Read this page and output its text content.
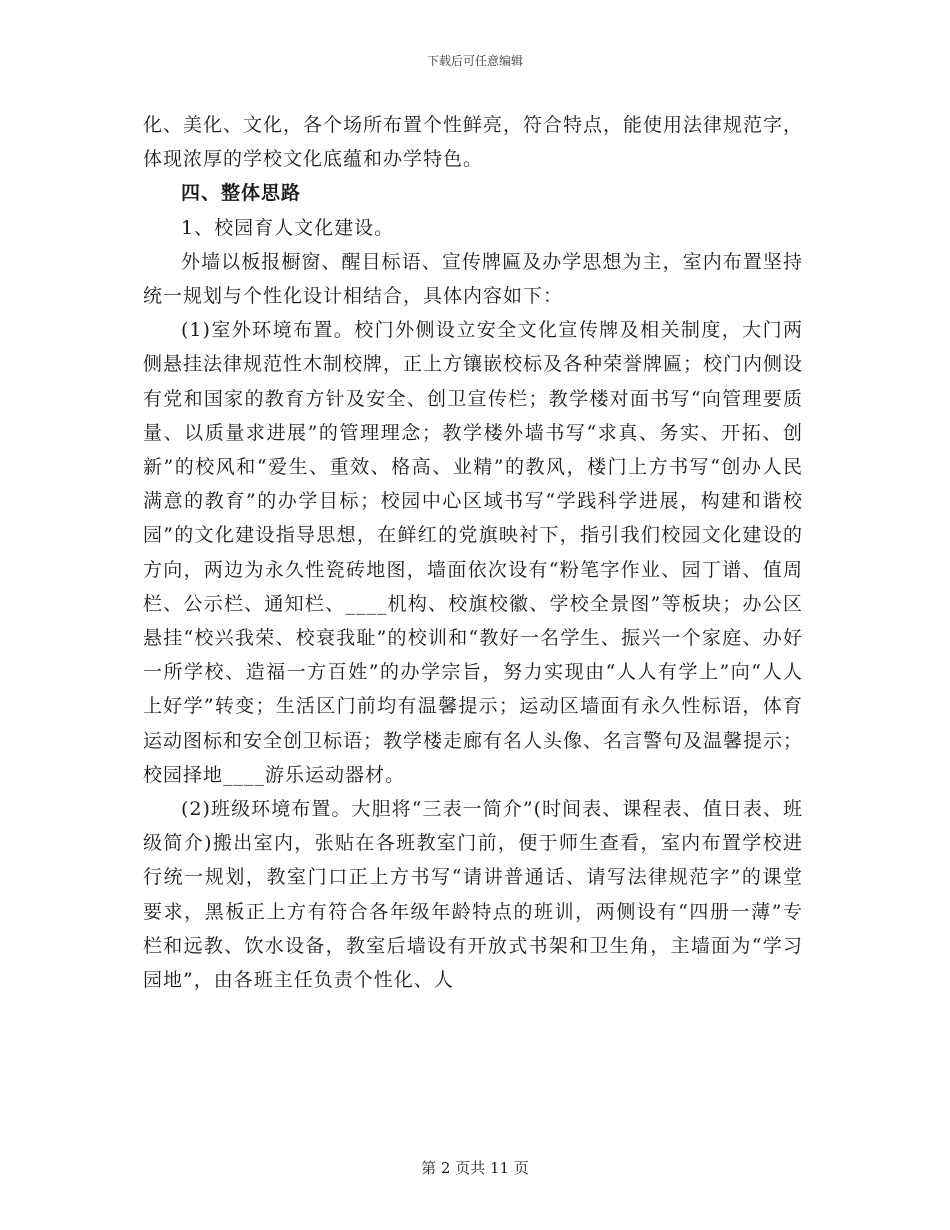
下载后可任意编辑

化、美化、文化，各个场所布置个性鲜亮，符合特点，能使用法律规范字，体现浓厚的学校文化底蕴和办学特色。

四、整体思路

1、校园育人文化建设。

外墙以板报橱窗、醒目标语、宣传牌匾及办学思想为主，室内布置坚持统一规划与个性化设计相结合，具体内容如下：

(1)室外环境布置。校门外侧设立安全文化宣传牌及相关制度，大门两侧悬挂法律规范性木制校牌，正上方镶嵌校标及各种荣誉牌匾；校门内侧设有党和国家的教育方针及安全、创卫宣传栏；教学楼对面书写“向管理要质量、以质量求进展”的管理理念；教学楼外墙书写“求真、务实、开拓、创新”的校风和“爱生、重效、格高、业精”的教风，楼门上方书写“创办人民满意的教育”的办学目标；校园中心区域书写“学践科学进展，构建和谐校园”的文化建设指导思想，在鲜红的党旗映衬下，指引我们校园文化建设的方向，两边为永久性瓷砖地图，墙面依次设有“粉笔字作业、园丁谱、值周栏、公示栏、通知栏、____机构、校旗校徽、学校全景图”等板块；办公区悬挂“校兴我荣、校衰我耻”的校训和“教好一名学生、振兴一个家庭、办好一所学校、造福一方百姓”的办学宗旨，努力实现由“人人有学上”向“人人上好学”转变；生活区门前均有温馨提示；运动区墙面有永久性标语，体育运动图标和安全创卫标语；教学楼走廊有名人头像、名言警句及温馨提示；校园择地____游乐运动器材。

(2)班级环境布置。大胆将“三表一简介”(时间表、课程表、值日表、班级简介)搬出室内，张贴在各班教室门前，便于师生查看，室内布置学校进行统一规划，教室门口正上方书写“请讲普通话、请写法律规范字”的课堂要求，黑板正上方有符合各年级年龄特点的班训，两侧设有“四册一薄”专栏和远教、饮水设备，教室后墙设有开放式书架和卫生角，主墙面为“学习园地”，由各班主任负责个性化、人

第 2 页共 11 页
